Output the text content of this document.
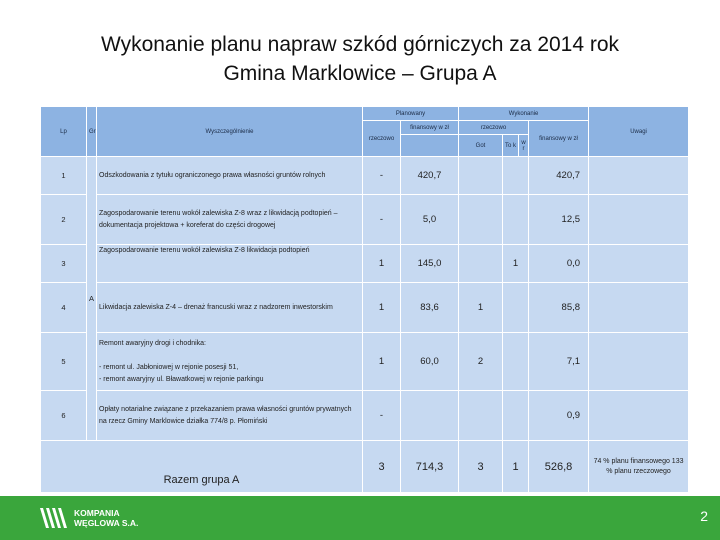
Wykonanie planu napraw szkód górniczych za 2014 rok
Gmina Marklowice – Grupa A
Lp	Gr	Wyszczególnienie	Planowany		Wykonanie				Uwagi
			rzeczowo	finansowy w zł	rzeczowo			finansowy w zł	
					Got	To k	w r		
1	A	Odszkodowania z tytułu ograniczonego prawa własności gruntów rolnych	-	420,7				420,7	
2		Zagospodarowanie terenu wokół zalewiska Z-8 wraz z likwidacją podtopień – dokumentacja projektowa + koreferat do części drogowej	-	5,0				12,5	
3		Zagospodarowanie terenu wokół zalewiska Z-8 likwidacja podtopień	1	145,0		1		0,0	
4		Likwidacja zalewiska Z-4 – drenaż francuski wraz z nadzorem inwestorskim	1	83,6	1			85,8	
5		Remont awaryjny drogi i chodnika:

- remont ul. Jabłoniowej w rejonie posesji 51,
- remont awaryjny ul. Bławatkowej w rejonie parkingu	1	60,0	2			7,1	
6		Opłaty notarialne związane z przekazaniem prawa własności gruntów prywatnych na rzecz Gminy Marklowice działka 774/8 p. Płomiński	-					0,9	
Razem grupa A			3	714,3	3	1		526,8	74 % planu finansowego 133 % planu rzeczowego
KOMPANIA
WĘGLOWA S.A.	2
